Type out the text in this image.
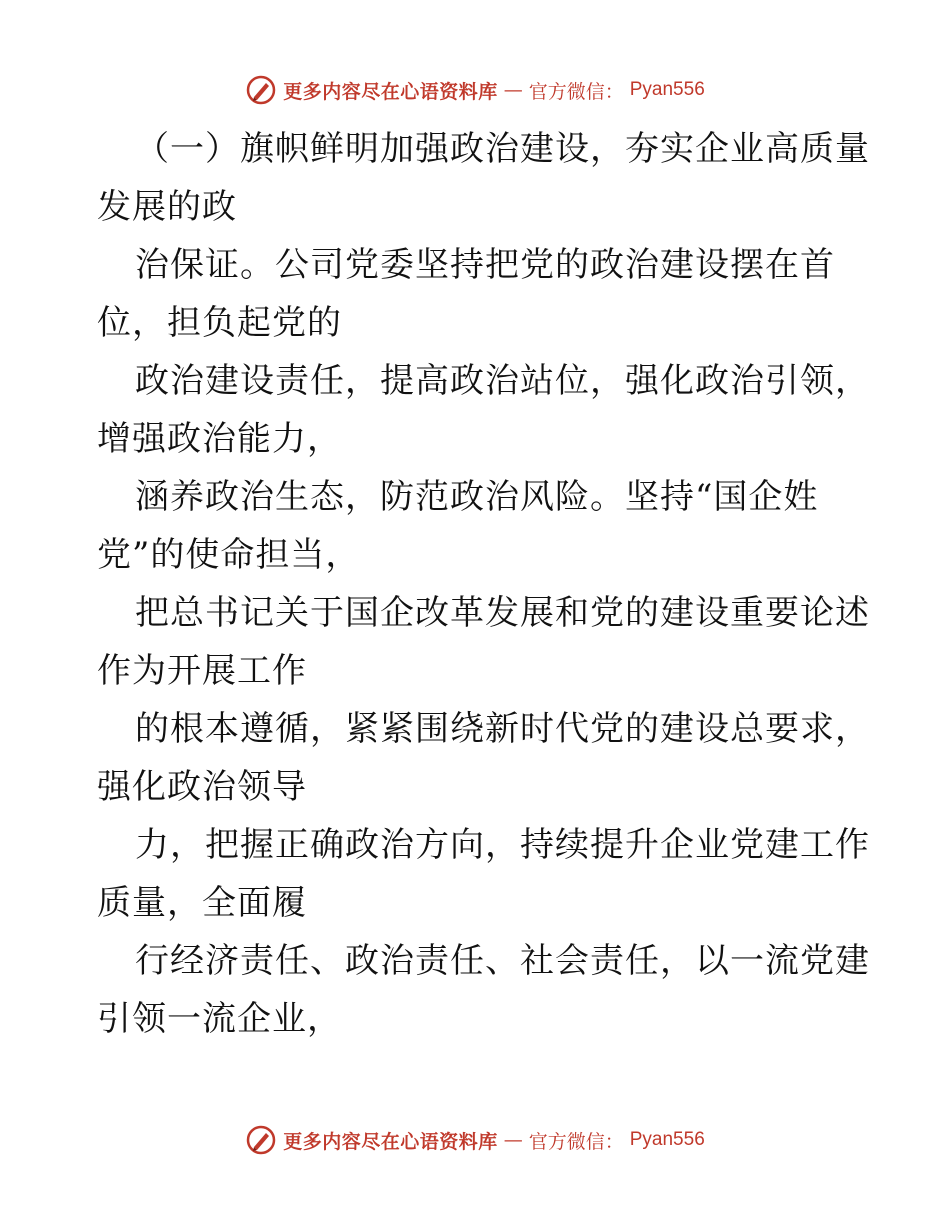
更多内容尽在心语资料库 — 官方微信： Pyan556
（一）旗帜鲜明加强政治建设，夯实企业高质量
发展的政
治保证。公司党委坚持把党的政治建设摆在首
位，担负起党的
政治建设责任，提高政治站位，强化政治引领，
增强政治能力，
涵养政治生态，防范政治风险。坚持“国企姓
党”的使命担当，
把总书记关于国企改革发展和党的建设重要论述
作为开展工作
的根本遵循，紧紧围绕新时代党的建设总要求，
强化政治领导
力，把握正确政治方向，持续提升企业党建工作
质量，全面履
行经济责任、政治责任、社会责任，以一流党建
引领一流企业，
更多内容尽在心语资料库 — 官方微信： Pyan556
